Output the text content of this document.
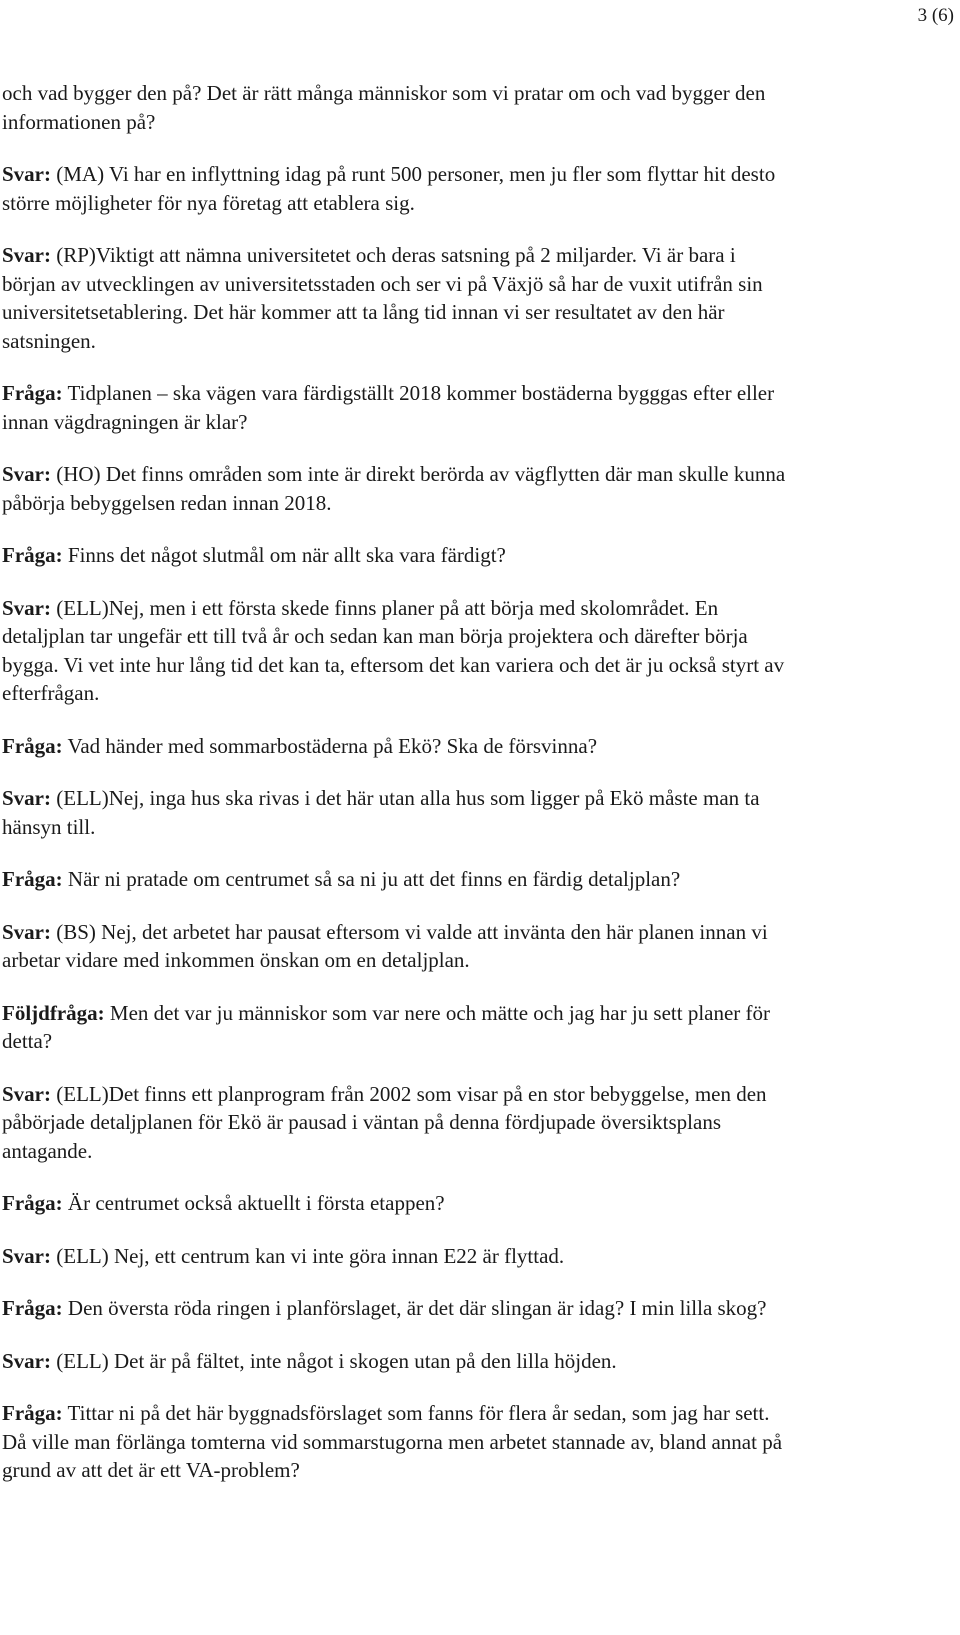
3 (6)

och vad bygger den på? Det är rätt många människor som vi pratar om och vad bygger den informationen på?

Svar: (MA) Vi har en inflyttning idag på runt 500 personer, men ju fler som flyttar hit desto större möjligheter för nya företag att etablera sig.

Svar: (RP)Viktigt att nämna universitetet och deras satsning på 2 miljarder. Vi är bara i början av utvecklingen av universitetsstaden och ser vi på Växjö så har de vuxit utifrån sin universitetsetablering. Det här kommer att ta lång tid innan vi ser resultatet av den här satsningen.

Fråga: Tidplanen – ska vägen vara färdigställt 2018 kommer bostäderna bygggas efter eller innan vägdragningen är klar?

Svar: (HO) Det finns områden som inte är direkt berörda av vägflytten där man skulle kunna påbörja bebyggelsen redan innan 2018.

Fråga: Finns det något slutmål om när allt ska vara färdigt?

Svar: (ELL)Nej, men i ett första skede finns planer på att börja med skolområdet. En detaljplan tar ungefär ett till två år och sedan kan man börja projektera och därefter börja bygga. Vi vet inte hur lång tid det kan ta, eftersom det kan variera och det är ju också styrt av efterfrågan.

Fråga: Vad händer med sommarbostäderna på Ekö? Ska de försvinna?

Svar: (ELL)Nej, inga hus ska rivas i det här utan alla hus som ligger på Ekö måste man ta hänsyn till.

Fråga: När ni pratade om centrumet så sa ni ju att det finns en färdig detaljplan?

Svar: (BS) Nej, det arbetet har pausat eftersom vi valde att invänta den här planen innan vi arbetar vidare med inkommen önskan om en detaljplan.

Följdfråga: Men det var ju människor som var nere och mätte och jag har ju sett planer för detta?

Svar: (ELL)Det finns ett planprogram från 2002 som visar på en stor bebyggelse, men den påbörjade detaljplanen för Ekö är pausad i väntan på denna fördjupade översiktsplans antagande.

Fråga: Är centrumet också aktuellt i första etappen?

Svar: (ELL) Nej, ett centrum kan vi inte göra innan E22 är flyttad.

Fråga: Den översta röda ringen i planförslaget, är det där slingan är idag? I min lilla skog?

Svar: (ELL) Det är på fältet, inte något i skogen utan på den lilla höjden.

Fråga: Tittar ni på det här byggnadsförslaget som fanns för flera år sedan, som jag har sett. Då ville man förlänga tomterna vid sommarstugorna men arbetet stannade av, bland annat på grund av att det är ett VA-problem?
